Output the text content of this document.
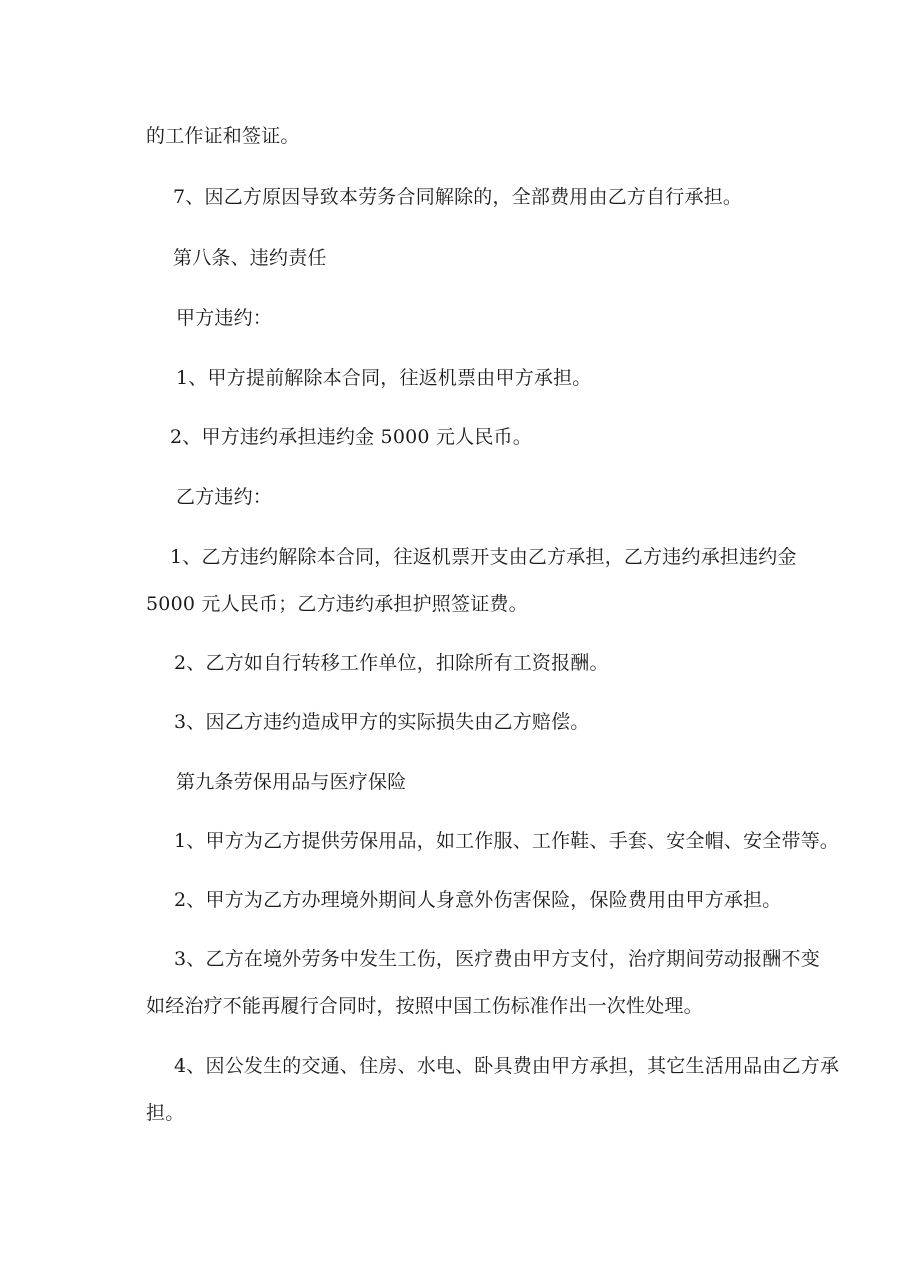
的工作证和签证。
7、因乙方原因导致本劳务合同解除的，全部费用由乙方自行承担。
第八条、违约责任
甲方违约：
1、甲方提前解除本合同，往返机票由甲方承担。
2、甲方违约承担违约金 5000 元人民币。
乙方违约：
1、乙方违约解除本合同，往返机票开支由乙方承担，乙方违约承担违约金
5000 元人民币；乙方违约承担护照签证费。
2、乙方如自行转移工作单位，扣除所有工资报酬。
3、因乙方违约造成甲方的实际损失由乙方赔偿。
第九条劳保用品与医疗保险
1、甲方为乙方提供劳保用品，如工作服、工作鞋、手套、安全帽、安全带等。
2、甲方为乙方办理境外期间人身意外伤害保险，保险费用由甲方承担。
3、乙方在境外劳务中发生工伤，医疗费由甲方支付，治疗期间劳动报酬不变
如经治疗不能再履行合同时，按照中国工伤标准作出一次性处理。
4、因公发生的交通、住房、水电、卧具费由甲方承担，其它生活用品由乙方承
担。
